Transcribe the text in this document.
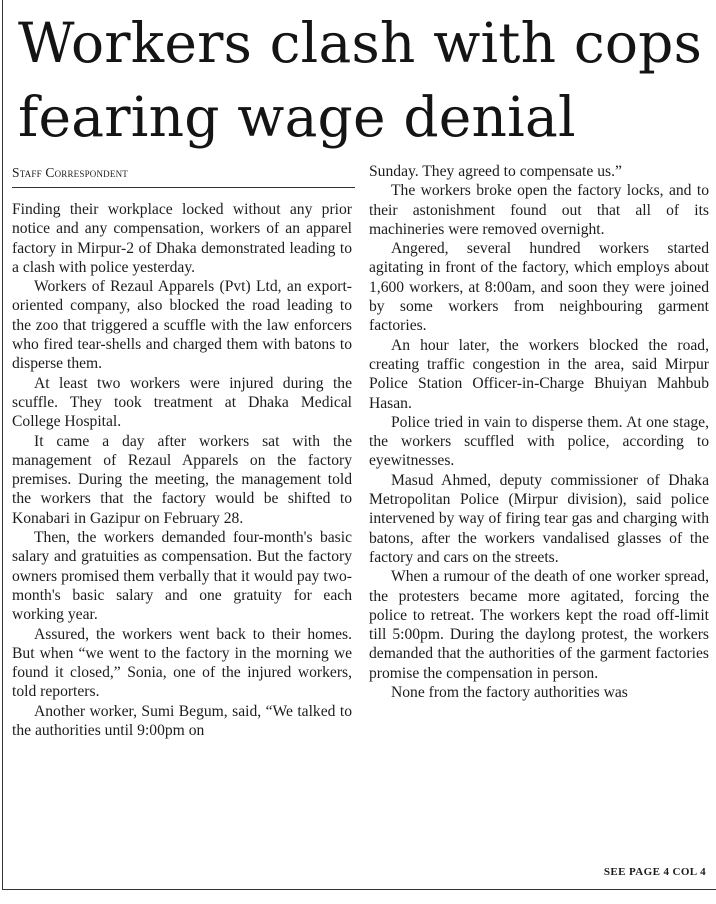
Workers clash with cops fearing wage denial
Staff Correspondent

Finding their workplace locked without any prior notice and any compensation, workers of an apparel factory in Mirpur-2 of Dhaka demonstrated leading to a clash with police yesterday.

Workers of Rezaul Apparels (Pvt) Ltd, an export-oriented company, also blocked the road leading to the zoo that triggered a scuffle with the law enforcers who fired tear-shells and charged them with batons to disperse them.

At least two workers were injured during the scuffle. They took treatment at Dhaka Medical College Hospital.

It came a day after workers sat with the management of Rezaul Apparels on the factory premises. During the meeting, the management told the workers that the factory would be shifted to Konabari in Gazipur on February 28.

Then, the workers demanded four-month's basic salary and gratuities as compensation. But the factory owners promised them verbally that it would pay two-month's basic salary and one gratuity for each working year.

Assured, the workers went back to their homes. But when “we went to the factory in the morning we found it closed,” Sonia, one of the injured workers, told reporters.

Another worker, Sumi Begum, said, “We talked to the authorities until 9:00pm on

Sunday. They agreed to compensate us.”

The workers broke open the factory locks, and to their astonishment found out that all of its machineries were removed overnight.

Angered, several hundred workers started agitating in front of the factory, which employs about 1,600 workers, at 8:00am, and soon they were joined by some workers from neighbouring garment factories.

An hour later, the workers blocked the road, creating traffic congestion in the area, said Mirpur Police Station Officer-in-Charge Bhuiyan Mahbub Hasan.

Police tried in vain to disperse them. At one stage, the workers scuffled with police, according to eyewitnesses.

Masud Ahmed, deputy commissioner of Dhaka Metropolitan Police (Mirpur division), said police intervened by way of firing tear gas and charging with batons, after the workers vandalised glasses of the factory and cars on the streets.

When a rumour of the death of one worker spread, the protesters became more agitated, forcing the police to retreat. The workers kept the road off-limit till 5:00pm. During the daylong protest, the workers demanded that the authorities of the garment factories promise the compensation in person.

None from the factory authorities was

SEE PAGE 4 COL 4
